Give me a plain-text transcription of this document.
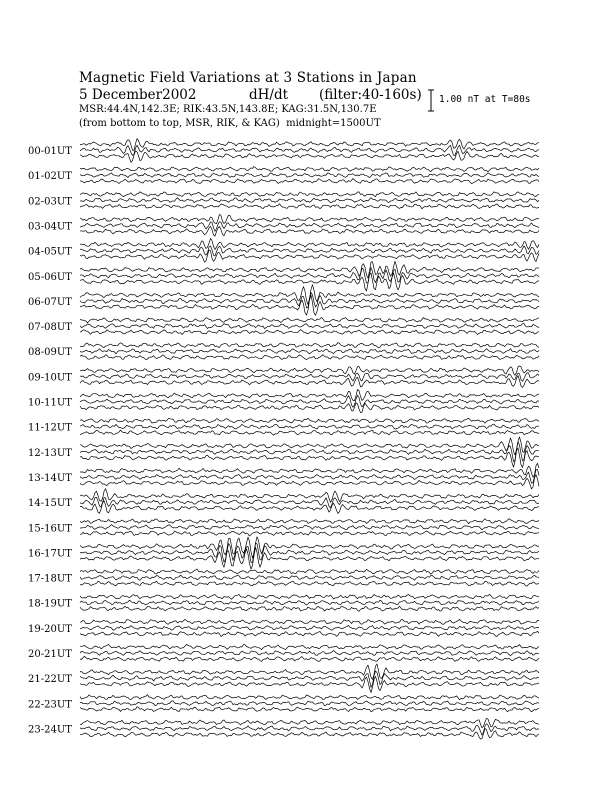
Magnetic Field Variations at 3 Stations in Japan
5 December2002	dH/dt (filter:40-160s)
MSR:44.4N,142.3E; RIK:43.5N,143.8E; KAG:31.5N,130.7E
(from bottom to top, MSR, RIK, & KAG) midnight=1500UT
1.00 nT at T=80s
00-01UT
01-02UT
02-03UT
03-04UT
04-05UT
05-06UT
06-07UT
07-08UT
08-09UT
09-10UT
10-11UT
11-12UT
12-13UT
13-14UT
14-15UT
15-16UT
16-17UT
17-18UT
18-19UT
19-20UT
20-21UT
21-22UT
22-23UT
23-24UT
